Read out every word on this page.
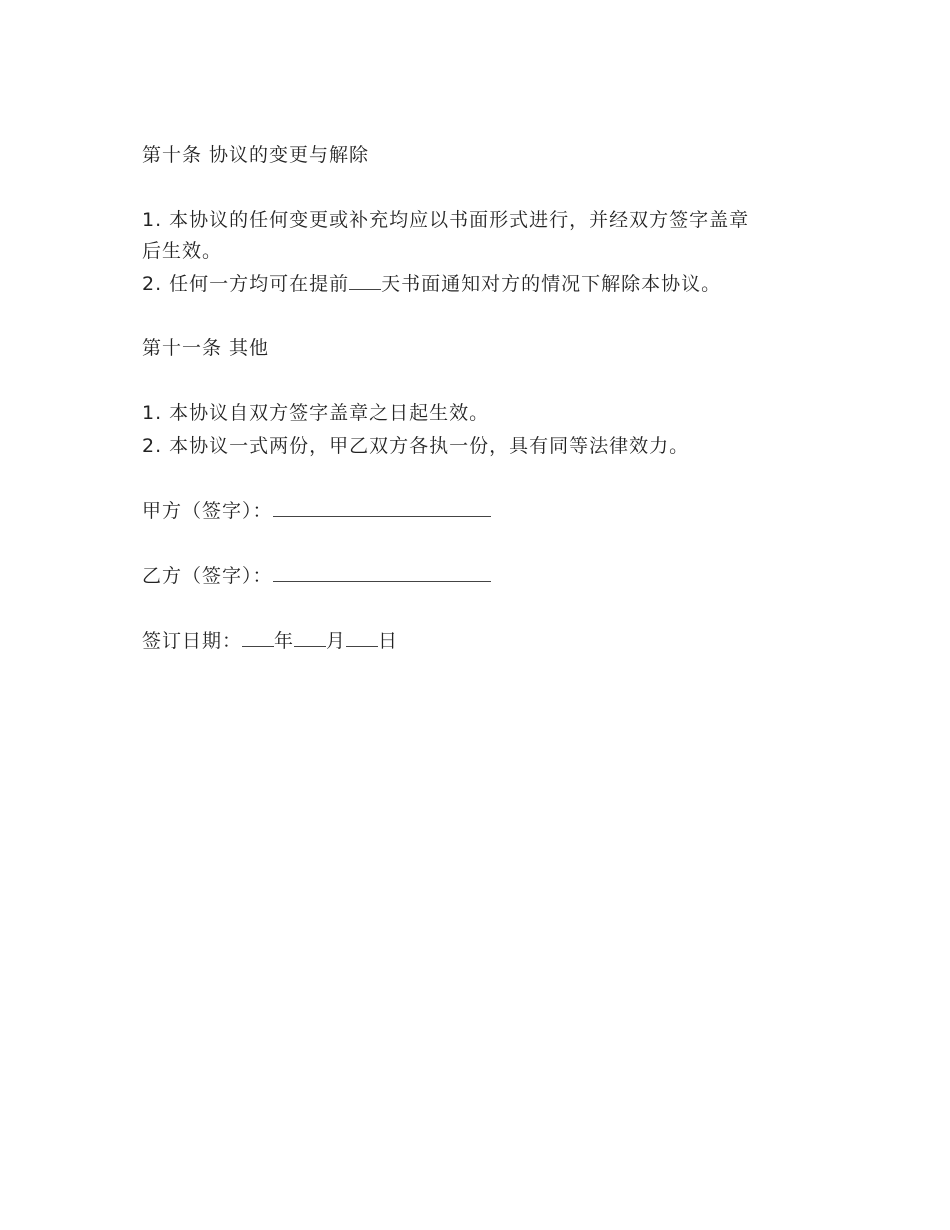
第十条 协议的变更与解除
1. 本协议的任何变更或补充均应以书面形式进行，并经双方签字盖章
后生效。
2. 任何一方均可在提前 天书面通知对方的情况下解除本协议。
第十一条 其他
1. 本协议自双方签字盖章之日起生效。
2. 本协议一式两份，甲乙双方各执一份，具有同等法律效力。
甲方（签字）：
乙方（签字）：
签订日期： 年 月 日
